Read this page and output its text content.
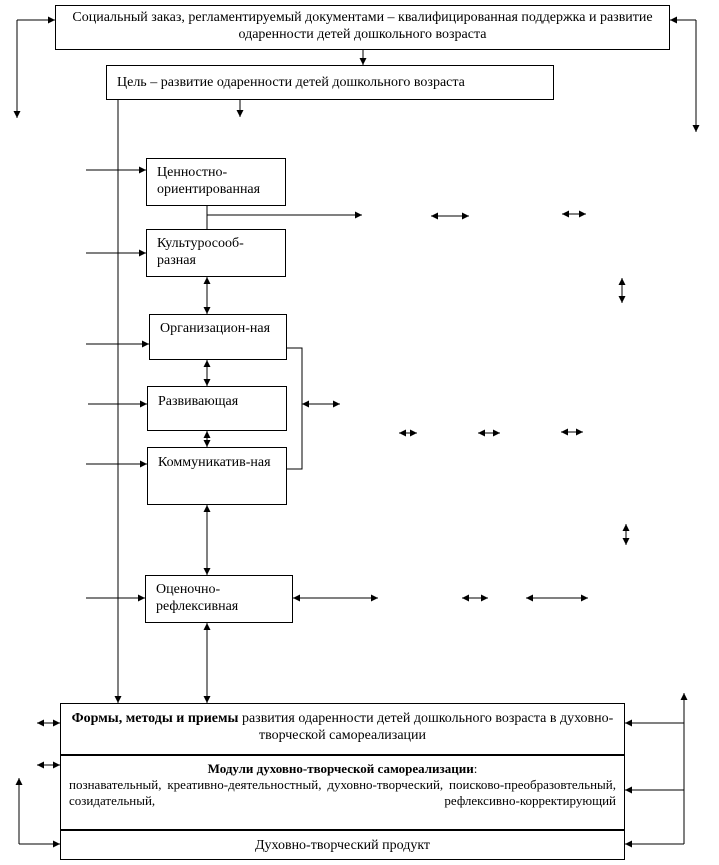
Социальный заказ, регламентируемый документами – квалифицированная поддержка и развитие одаренности детей дошкольного возраста
Цель – развитие одаренности детей дошкольного возраста
Ценностно-ориентированная
Культуросооб-разная
Организацион-ная
Развивающая
Коммуникатив-ная
Оценочно-рефлексивная
Формы, методы и приемы развития одаренности детей дошкольного возраста в духовно-творческой самореализации
Модули духовно-творческой самореализации:
познавательный, креативно-деятельностный, духовно-творческий, поисково-преобразовтельный, созидательный, рефлексивно-корректирующий
Духовно-творческий продукт
